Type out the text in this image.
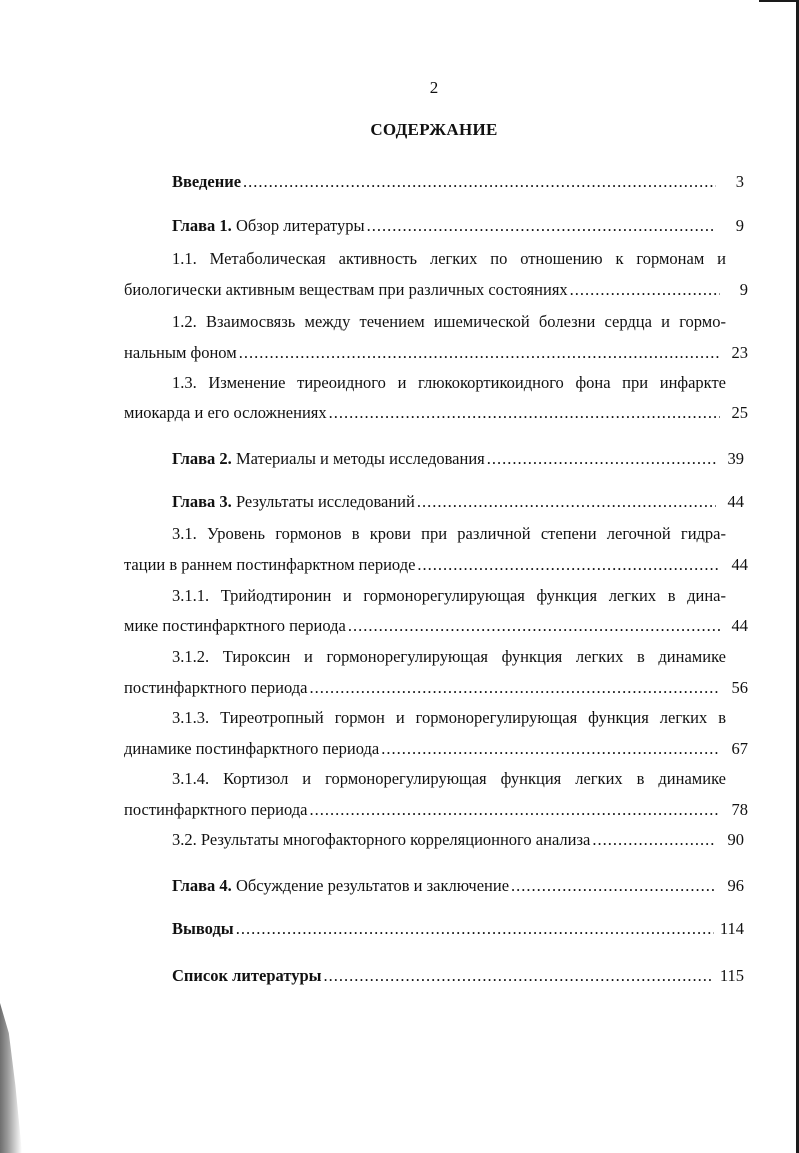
2
СОДЕРЖАНИЕ
Введение .....	3
Глава 1. Обзор литературы .....	9
1.1. Метаболическая активность легких по отношению к гормонам и
биологически активным веществам при различных состояниях .....	9
1.2. Взаимосвязь между течением ишемической болезни сердца и гормо-
нальным фоном .....	23
1.3. Изменение тиреоидного и глюкокортикоидного фона при инфаркте
миокарда и его осложнениях .....	25
Глава 2. Материалы и методы исследования .....	39
Глава 3. Результаты исследований .....	44
3.1. Уровень гормонов в крови при различной степени легочной гидра-
тации в раннем постинфарктном периоде .....	44
3.1.1. Трийодтиронин и гормонорегулирующая функция легких в дина-
мике постинфарктного периода .....	44
3.1.2. Тироксин и гормонорегулирующая функция легких в динамике
постинфарктного периода .....	56
3.1.3. Тиреотропный гормон и гормонорегулирующая функция легких в
динамике постинфарктного периода .....	67
3.1.4. Кортизол и гормонорегулирующая функция легких в динамике
постинфарктного периода .....	78
3.2. Результаты многофакторного корреляционного анализа .....	90
Глава 4. Обсуждение результатов и заключение .....	96
Выводы .....	114
Список литературы .....	115
